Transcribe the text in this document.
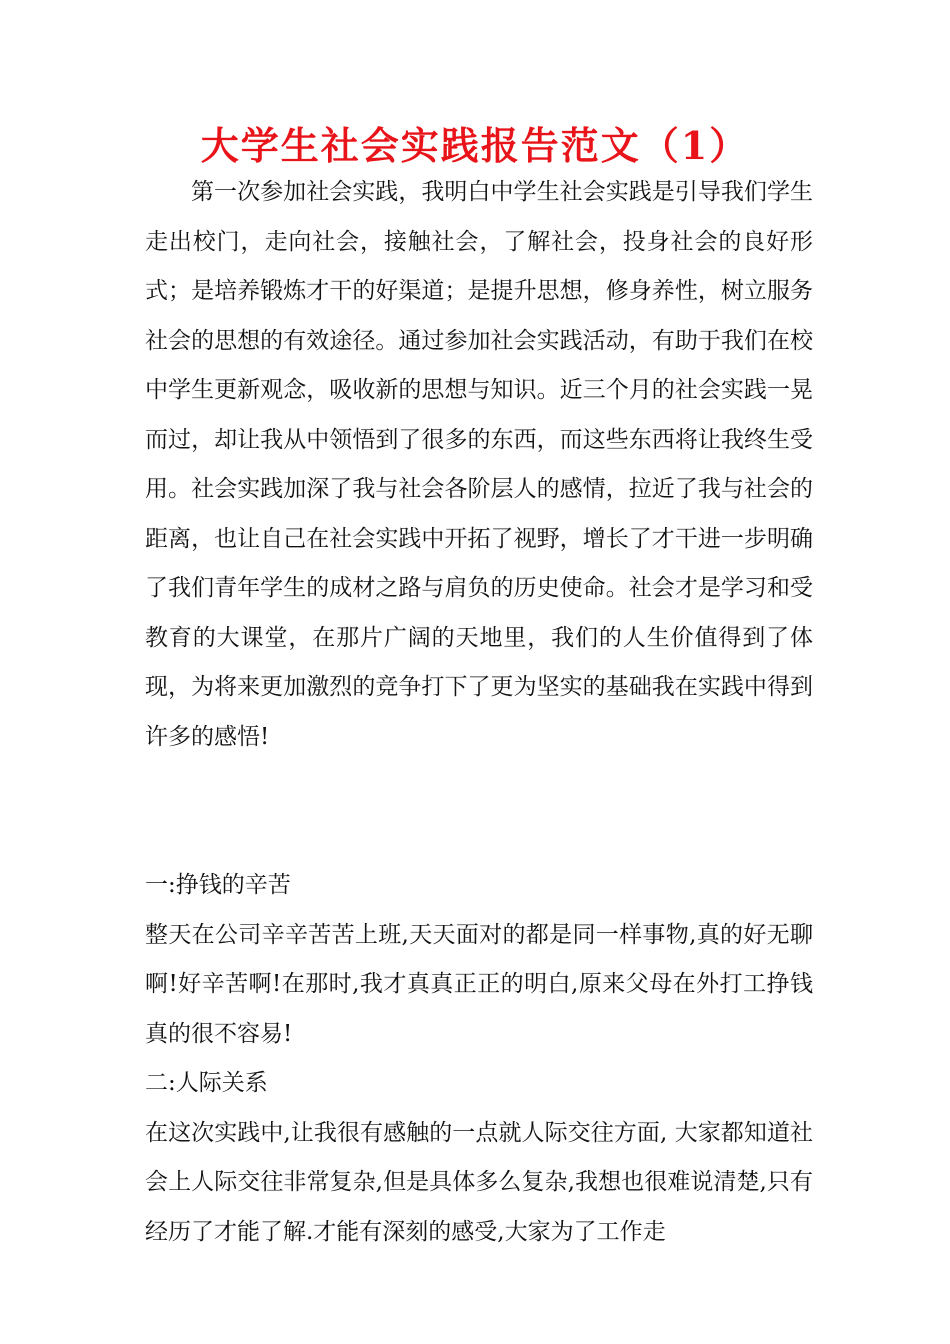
大学生社会实践报告范文（1）

第一次参加社会实践，我明白中学生社会实践是引导我们学生走出校门，走向社会，接触社会，了解社会，投身社会的良好形式；是培养锻炼才干的好渠道；是提升思想，修身养性，树立服务社会的思想的有效途径。通过参加社会实践活动，有助于我们在校中学生更新观念，吸收新的思想与知识。近三个月的社会实践一晃而过，却让我从中领悟到了很多的东西，而这些东西将让我终生受用。社会实践加深了我与社会各阶层人的感情，拉近了我与社会的距离，也让自己在社会实践中开拓了视野，增长了才干进一步明确了我们青年学生的成材之路与肩负的历史使命。社会才是学习和受教育的大课堂，在那片广阔的天地里，我们的人生价值得到了体现，为将来更加激烈的竞争打下了更为坚实的基础我在实践中得到许多的感悟!

一:挣钱的辛苦

整天在公司辛辛苦苦上班,天天面对的都是同一样事物,真的好无聊啊!好辛苦啊!在那时,我才真真正正的明白,原来父母在外打工挣钱真的很不容易!

二:人际关系

在这次实践中,让我很有感触的一点就人际交往方面, 大家都知道社会上人际交往非常复杂,但是具体多么复杂,我想也很难说清楚,只有经历了才能了解.才能有深刻的感受,大家为了工作走
